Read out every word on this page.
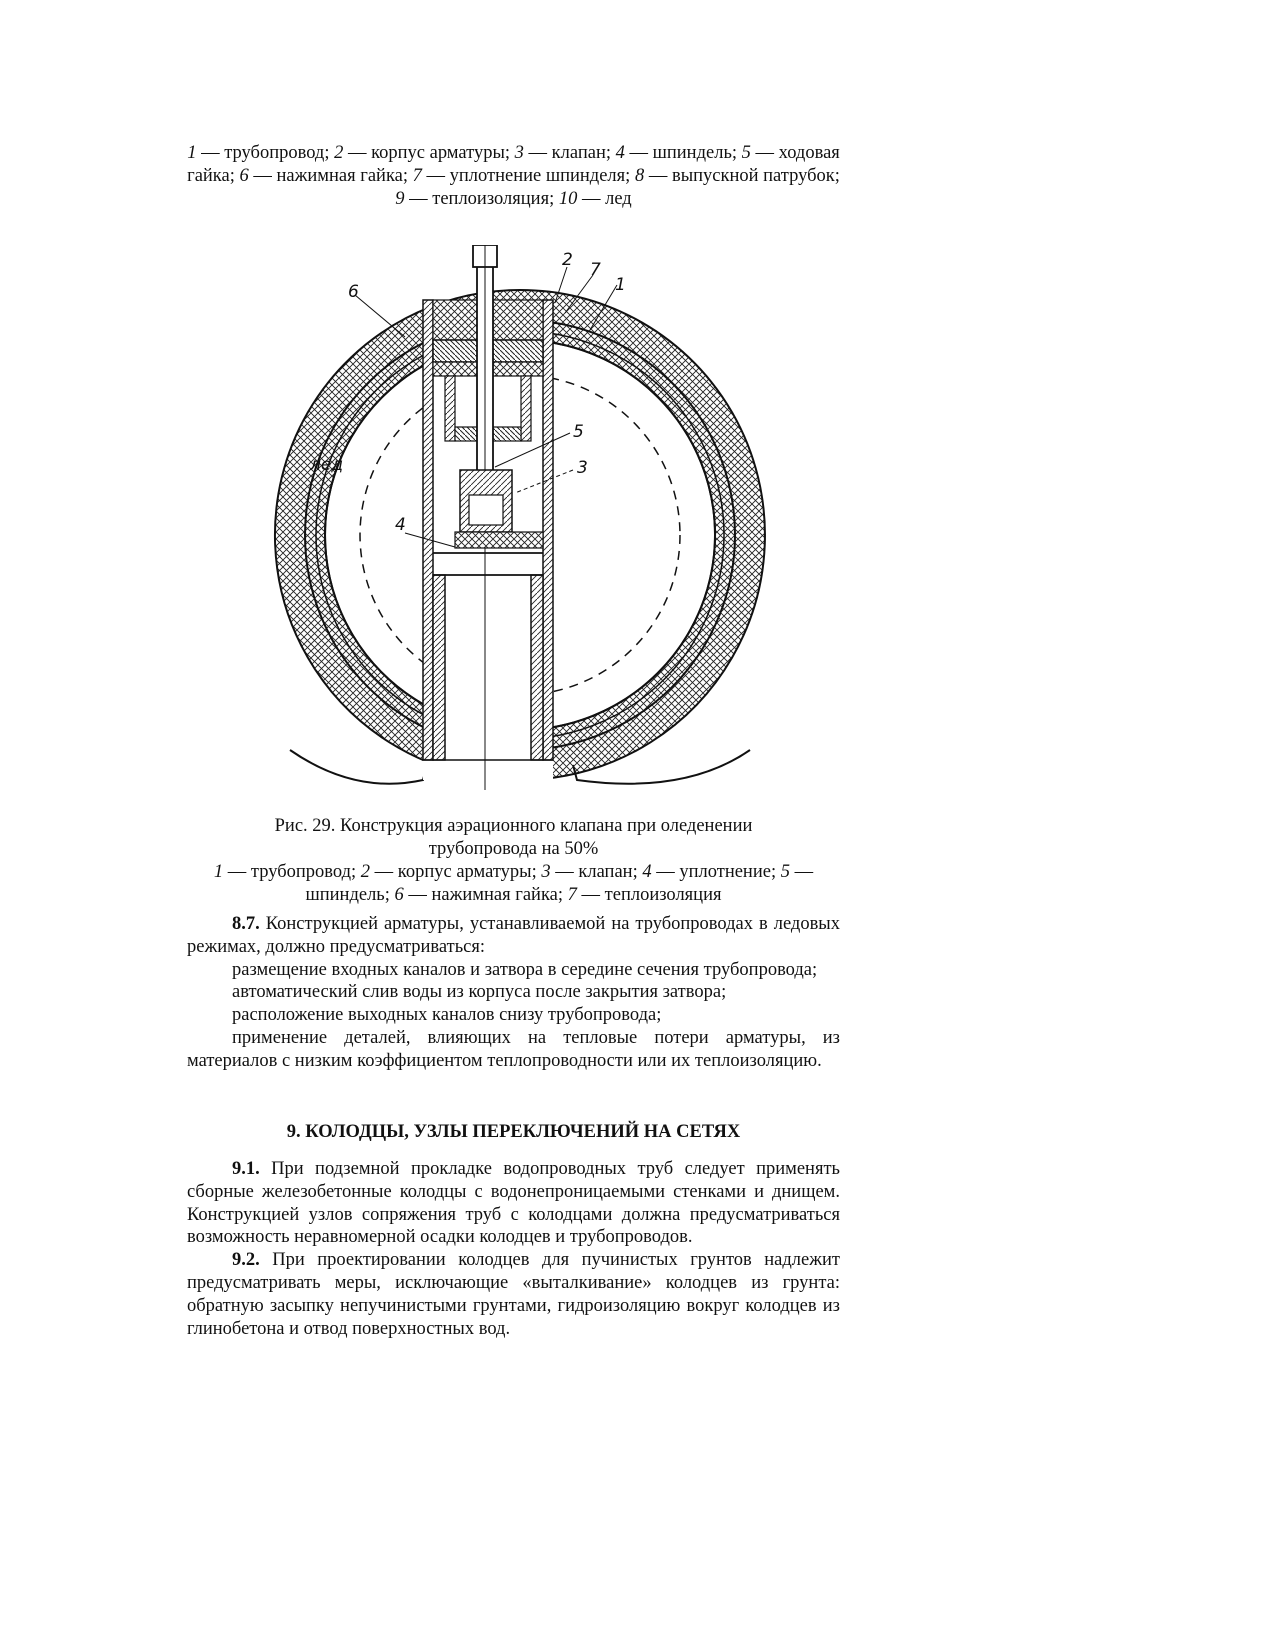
1 — трубопровод; 2 — корпус арматуры; 3 — клапан; 4 — шпиндель; 5 — ходовая гайка; 6 — нажимная гайка; 7 — уплотнение шпинделя; 8 — выпускной патрубок; 9 — теплоизоляция; 10 — лед
2 7
1
6
5
3
4
лед
Рис. 29. Конструкция аэрационного клапана при оледенении
трубопровода на 50%
1 — трубопровод; 2 — корпус арматуры; 3 — клапан; 4 — уплотнение; 5 — шпиндель; 6 — нажимная гайка; 7 — теплоизоляция

8.7. Конструкцией арматуры, устанавливаемой на трубопроводах в ледовых режимах, должно предусматриваться:

размещение входных каналов и затвора в середине сечения трубопровода;

автоматический слив воды из корпуса после закрытия затвора;

расположение выходных каналов снизу трубопровода;

применение деталей, влияющих на тепловые потери арматуры, из материалов с низким коэффициентом теплопроводности или их теплоизоляцию.

9. КОЛОДЦЫ, УЗЛЫ ПЕРЕКЛЮЧЕНИЙ НА СЕТЯХ

9.1. При подземной прокладке водопроводных труб следует применять сборные железобетонные колодцы с водонепроницаемыми стенками и днищем. Конструкцией узлов сопряжения труб с колодцами должна предусматриваться возможность неравномерной осадки колодцев и трубопроводов.

9.2. При проектировании колодцев для пучинистых грунтов надлежит предусматривать меры, исключающие «выталкивание» колодцев из грунта: обратную засыпку непучинистыми грунтами, гидроизоляцию вокруг колодцев из глинобетона и отвод поверхностных вод.
